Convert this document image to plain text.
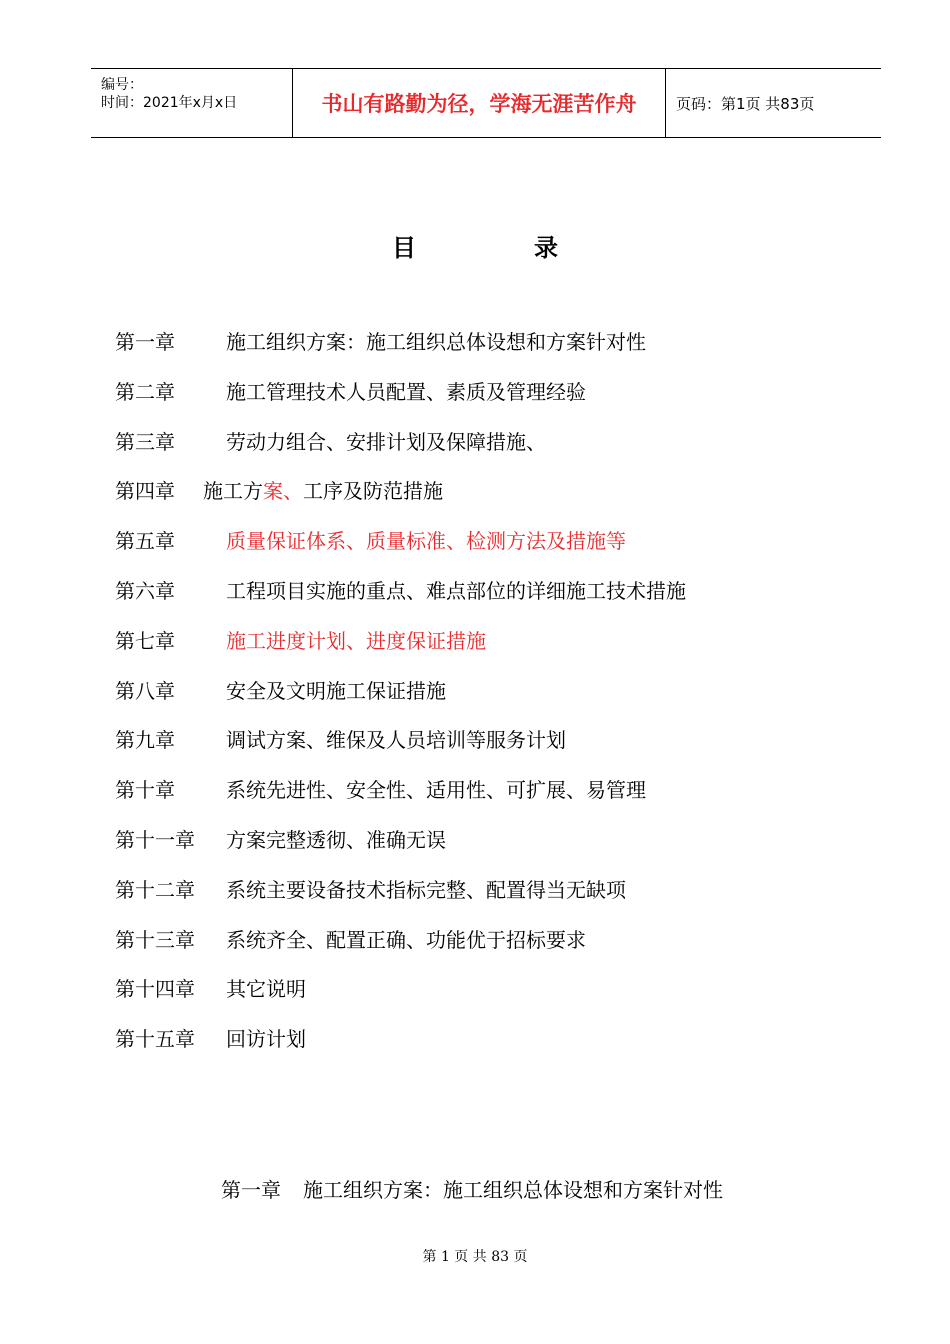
编号：
时间：2021年x月x日	书山有路勤为径，学海无涯苦作舟	页码：第1页 共83页
目	录
第一章	施工组织方案：施工组织总体设想和方案针对性
第二章	施工管理技术人员配置、素质及管理经验
第三章	劳动力组合、安排计划及保障措施、
第四章 施工方案、工序及防范措施
第五章	质量保证体系、质量标准、检测方法及措施等
第六章	工程项目实施的重点、难点部位的详细施工技术措施
第七章	施工进度计划、进度保证措施
第八章	安全及文明施工保证措施
第九章	调试方案、维保及人员培训等服务计划
第十章	系统先进性、安全性、适用性、可扩展、易管理
第十一章 方案完整透彻、准确无误
第十二章 系统主要设备技术指标完整、配置得当无缺项
第十三章 系统齐全、配置正确、功能优于招标要求
第十四章 其它说明
第十五章 回访计划
第一章 施工组织方案：施工组织总体设想和方案针对性
第 1 页 共 83 页
